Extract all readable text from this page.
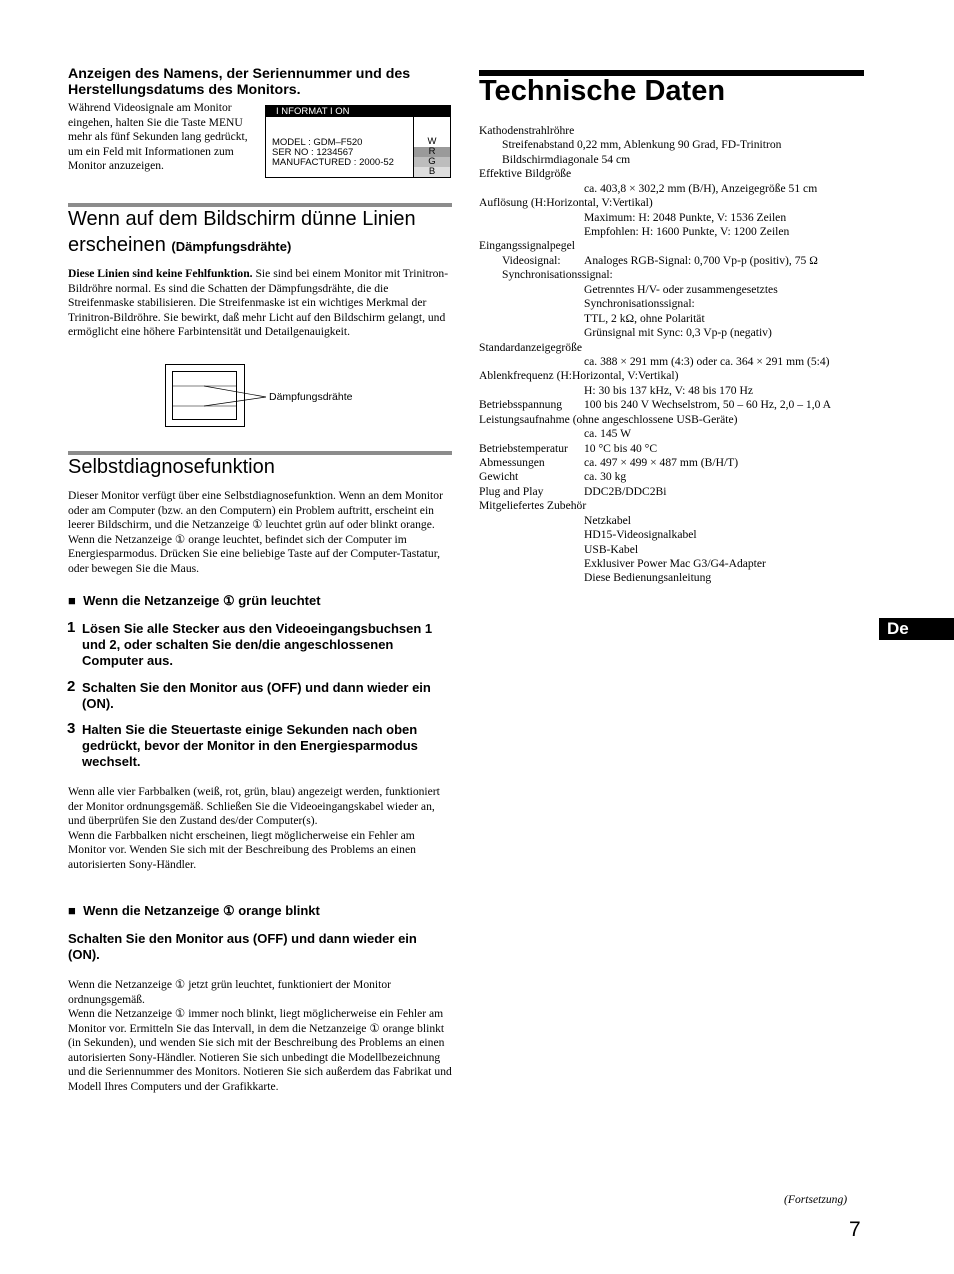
Anzeigen des Namens, der Seriennummer und des Herstellungsdatums des Monitors.
Während Videosignale am Monitor eingehen, halten Sie die Taste MENU mehr als fünf Sekunden lang gedrückt, um ein Feld mit Informationen zum Monitor anzuzeigen.
I NFORMAT I ON
MODEL : GDM–F520
SER NO : 1234567
MANUFACTURED : 2000-52
W
R
G
B
Wenn auf dem Bildschirm dünne Linien erscheinen (Dämpfungsdrähte)
Diese Linien sind keine Fehlfunktion. Sie sind bei einem Monitor mit Trinitron-Bildröhre normal. Es sind die Schatten der Dämpfungsdrähte, die die Streifenmaske stabilisieren. Die Streifenmaske ist ein wichtiges Merkmal der Trinitron-Bildröhre. Sie bewirkt, daß mehr Licht auf den Bildschirm gelangt, und ermöglicht eine höhere Farbintensität und Detailgenauigkeit.
Dämpfungsdrähte
Selbstdiagnosefunktion
Dieser Monitor verfügt über eine Selbstdiagnosefunktion. Wenn an dem Monitor oder am Computer (bzw. an den Computern) ein Problem auftritt, erscheint ein leerer Bildschirm, und die Netzanzeige ① leuchtet grün auf oder blinkt orange. Wenn die Netzanzeige ① orange leuchtet, befindet sich der Computer im Energiesparmodus. Drücken Sie eine beliebige Taste auf der Computer-Tastatur, oder bewegen Sie die Maus.
■  Wenn die Netzanzeige ① grün leuchtet
1 Lösen Sie alle Stecker aus den Videoeingangsbuchsen 1 und 2, oder schalten Sie den/die angeschlossenen Computer aus.
2 Schalten Sie den Monitor aus (OFF) und dann wieder ein (ON).
3 Halten Sie die Steuertaste einige Sekunden nach oben gedrückt, bevor der Monitor in den Energiesparmodus wechselt.
Wenn alle vier Farbbalken (weiß, rot, grün, blau) angezeigt werden, funktioniert der Monitor ordnungsgemäß. Schließen Sie die Videoeingangskabel wieder an, und überprüfen Sie den Zustand des/der Computer(s).
Wenn die Farbbalken nicht erscheinen, liegt möglicherweise ein Fehler am Monitor vor. Wenden Sie sich mit der Beschreibung des Problems an einen autorisierten Sony-Händler.
■  Wenn die Netzanzeige ① orange blinkt
Schalten Sie den Monitor aus (OFF) und dann wieder ein (ON).
Wenn die Netzanzeige ① jetzt grün leuchtet, funktioniert der Monitor ordnungsgemäß.
Wenn die Netzanzeige ① immer noch blinkt, liegt möglicherweise ein Fehler am Monitor vor. Ermitteln Sie das Intervall, in dem die Netzanzeige ① orange blinkt (in Sekunden), und wenden Sie sich mit der Beschreibung des Problems an einen autorisierten Sony-Händler. Notieren Sie sich unbedingt die Modellbezeichnung und die Seriennummer des Monitors. Notieren Sie sich außerdem das Fabrikat und Modell Ihres Computers und der Grafikkarte.
Technische Daten
Kathodenstrahlröhre
Streifenabstand 0,22 mm, Ablenkung 90 Grad, FD-Trinitron
Bildschirmdiagonale 54 cm
Effektive Bildgröße
ca. 403,8 × 302,2 mm (B/H), Anzeigegröße 51 cm
Auflösung (H:Horizontal, V:Vertikal)
Maximum: H: 2048 Punkte, V: 1536 Zeilen
Empfohlen: H: 1600 Punkte, V: 1200 Zeilen
Eingangssignalpegel
Videosignal: Analoges RGB-Signal: 0,700 Vp-p (positiv), 75 Ω
Synchronisationssignal:
Getrenntes H/V- oder zusammengesetztes
Synchronisationssignal:
TTL, 2 kΩ, ohne Polarität
Grünsignal mit Sync: 0,3 Vp-p (negativ)
Standardanzeigegröße
ca. 388 × 291 mm (4:3) oder ca. 364 × 291 mm (5:4)
Ablenkfrequenz (H:Horizontal, V:Vertikal)
H: 30 bis 137 kHz, V: 48 bis 170 Hz
Betriebsspannung 100 bis 240 V Wechselstrom, 50 – 60 Hz, 2,0 – 1,0 A
Leistungsaufnahme (ohne angeschlossene USB-Geräte)
ca. 145 W
Betriebstemperatur 10 °C bis 40 °C
Abmessungen	ca. 497 × 499 × 487 mm (B/H/T)
Gewicht	ca. 30 kg
Plug and Play	DDC2B/DDC2Bi
Mitgeliefertes Zubehör
Netzkabel
HD15-Videosignalkabel
USB-Kabel
Exklusiver Power Mac G3/G4-Adapter
Diese Bedienungsanleitung
De
(Fortsetzung)
7
